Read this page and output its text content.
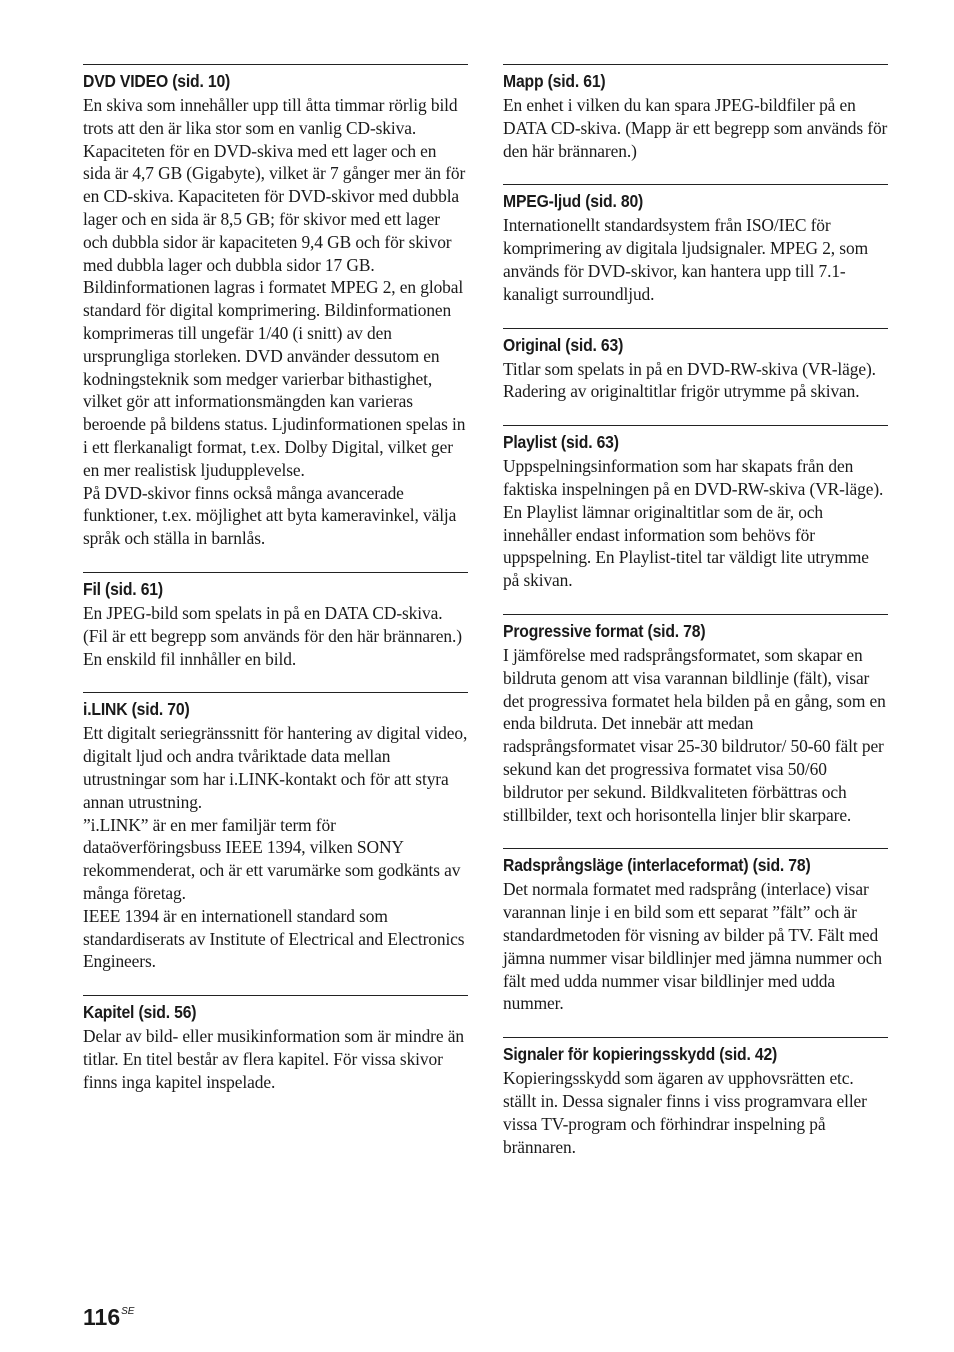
DVD VIDEO (sid. 10)

En skiva som innehåller upp till åtta timmar rörlig bild trots att den är lika stor som en vanlig CD-skiva.

Kapaciteten för en DVD-skiva med ett lager och en sida är 4,7 GB (Gigabyte), vilket är 7 gånger mer än för en CD-skiva. Kapaciteten för DVD-skivor med dubbla lager och en sida är 8,5 GB; för skivor med ett lager och dubbla sidor är kapaciteten 9,4 GB och för skivor med dubbla lager och dubbla sidor 17 GB.

Bildinformationen lagras i formatet MPEG 2, en global standard för digital komprimering. Bildinformationen komprimeras till ungefär 1/40 (i snitt) av den ursprungliga storleken. DVD använder dessutom en kodningsteknik som medger varierbar bithastighet, vilket gör att informationsmängden kan varieras beroende på bildens status. Ljudinformationen spelas in i ett flerkanaligt format, t.ex. Dolby Digital, vilket ger en mer realistisk ljudupplevelse.

På DVD-skivor finns också många avancerade funktioner, t.ex. möjlighet att byta kameravinkel, välja språk och ställa in barnlås.

Fil (sid. 61)

En JPEG-bild som spelats in på en DATA CD-skiva. (Fil är ett begrepp som används för den här brännaren.) En enskild fil innhåller en bild.

i.LINK (sid. 70)

Ett digitalt seriegränssnitt för hantering av digital video, digitalt ljud och andra tvåriktade data mellan utrustningar som har i.LINK-kontakt och för att styra annan utrustning.

”i.LINK” är en mer familjär term för dataöverföringsbuss IEEE 1394, vilken SONY rekommenderat, och är ett varumärke som godkänts av många företag.

IEEE 1394 är en internationell standard som standardiserats av Institute of Electrical and Electronics Engineers.

Kapitel (sid. 56)

Delar av bild- eller musikinformation som är mindre än titlar. En titel består av flera kapitel. För vissa skivor finns inga kapitel inspelade.

Mapp (sid. 61)

En enhet i vilken du kan spara JPEG-bildfiler på en DATA CD-skiva. (Mapp är ett begrepp som används för den här brännaren.)

MPEG-ljud (sid. 80)

Internationellt standardsystem från ISO/IEC för komprimering av digitala ljudsignaler. MPEG 2, som används för DVD-skivor, kan hantera upp till 7.1-kanaligt surroundljud.

Original (sid. 63)

Titlar som spelats in på en DVD-RW-skiva (VR-läge). Radering av originaltitlar frigör utrymme på skivan.

Playlist (sid. 63)

Uppspelningsinformation som har skapats från den faktiska inspelningen på en DVD-RW-skiva (VR-läge). En Playlist lämnar originaltitlar som de är, och innehåller endast information som behövs för uppspelning. En Playlist-titel tar väldigt lite utrymme på skivan.

Progressive format (sid. 78)

I jämförelse med radsprångsformatet, som skapar en bildruta genom att visa varannan bildlinje (fält), visar det progressiva formatet hela bilden på en gång, som en enda bildruta. Det innebär att medan radsprångsformatet visar 25-30 bildrutor/ 50-60 fält per sekund kan det progressiva formatet visa 50/60 bildrutor per sekund. Bildkvaliteten förbättras och stillbilder, text och horisontella linjer blir skarpare.

Radsprångsläge (interlaceformat) (sid. 78)

Det normala formatet med radsprång (interlace) visar varannan linje i en bild som ett separat ”fält” och är standardmetoden för visning av bilder på TV. Fält med jämna nummer visar bildlinjer med jämna nummer och fält med udda nummer visar bildlinjer med udda nummer.

Signaler för kopieringsskydd (sid. 42)

Kopieringsskydd som ägaren av upphovsrätten etc. ställt in. Dessa signaler finns i viss programvara eller vissa TV-program och förhindrar inspelning på brännaren.

$116^{SE}$
